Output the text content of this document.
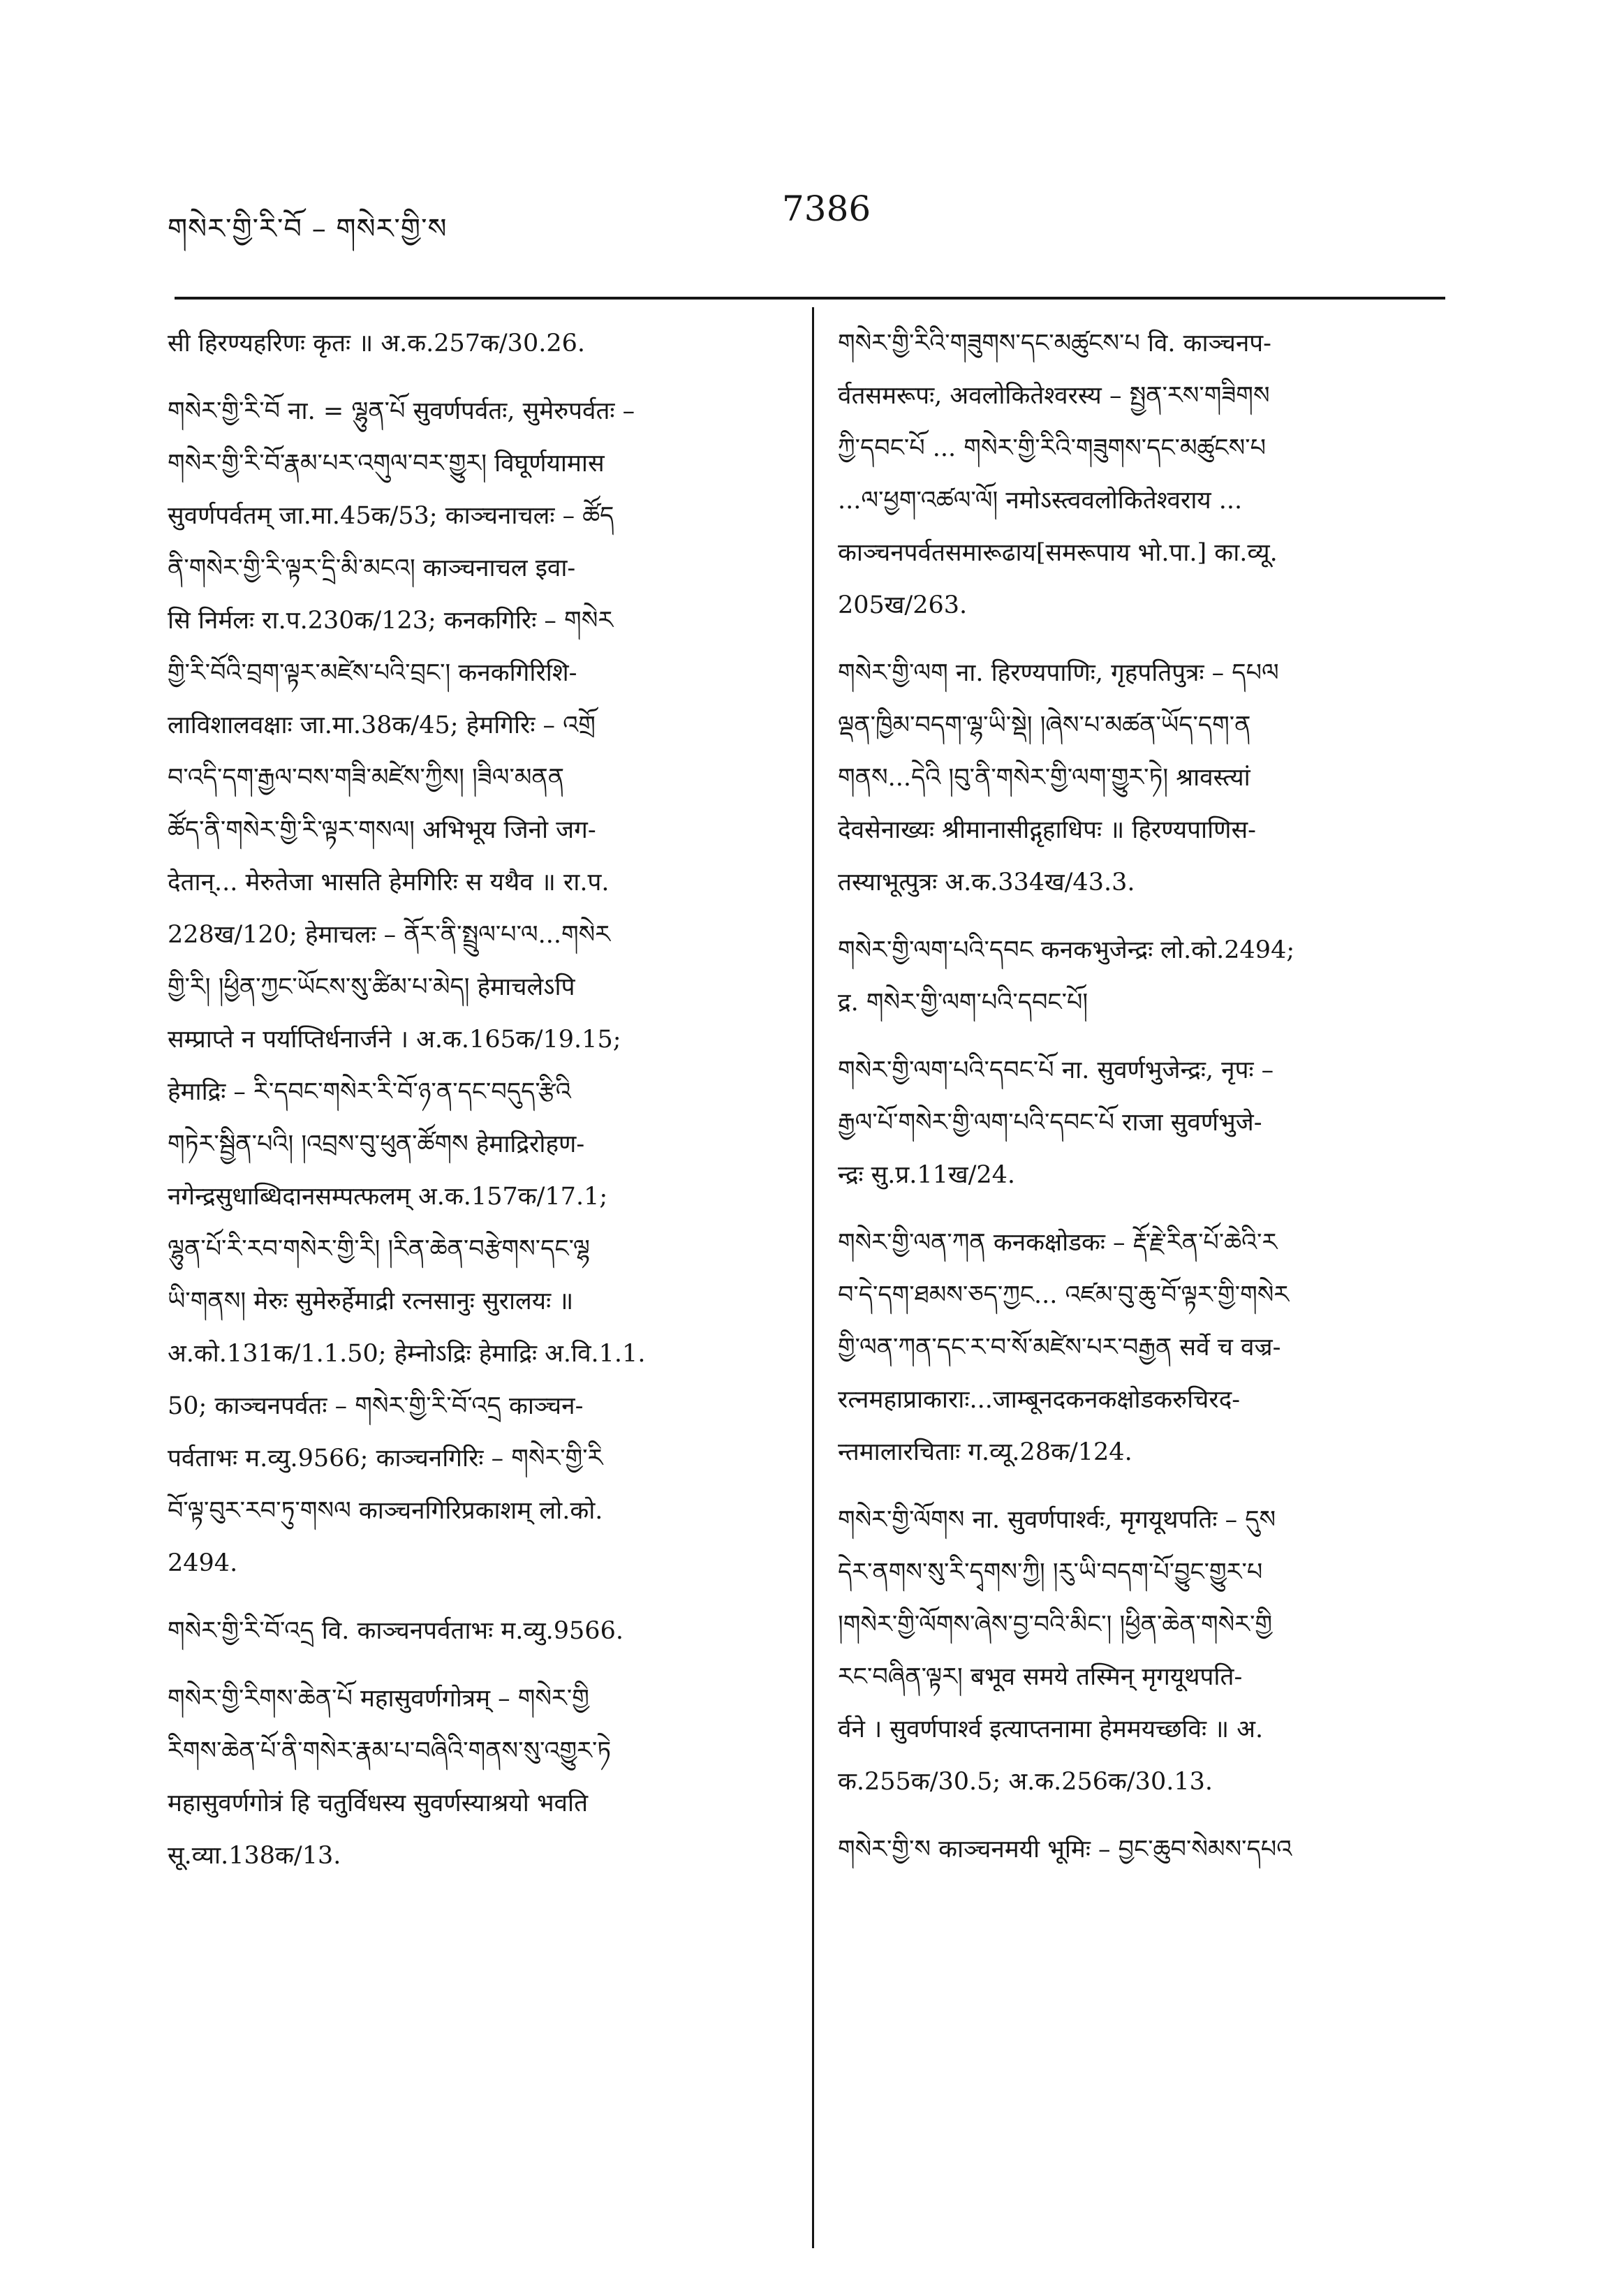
གསེར་གྱི་རི་བོ – གསེར་གྱི་ས	7386
सी हिरण्यहरिणः कृतः ॥ अ.क.257क/30.26.
གསེར་གྱི་རི་བོ ना. = ལྷུན་པོ सुवर्णपर्वतः, सुमेरुपर्वतः –
གསེར་གྱི་རི་བོ་རྣམ་པར་འགུལ་བར་གྱུར། विघूर्णयामास
सुवर्णपर्वतम् जा.मा.45क/53; काञ्चनाचलः – ཚོད
ནི་གསེར་གྱི་རི་ལྟར་དྲི་མི་མངའ། काञ्चनाचल इवा-
सि निर्मलः रा.प.230क/123; कनकगिरिः – གསེར
གྱི་རི་བོའི་བྲག་ལྟར་མཛེས་པའི་བྲང་། कनकगिरिशि-
लाविशालवक्षाः जा.मा.38क/45; हेमगिरिः – འགྲོ
བ་འདི་དག་རྒྱལ་བས་གཟི་མཛེས་ཀྱིས། །ཟིལ་མནན
ཚོད་ནི་གསེར་གྱི་རི་ལྟར་གསལ། अभिभूय जिनो जग-
देतान्... मेरुतेजा भासति हेमगिरिः स यथैव ॥ रा.प.
228ख/120; हेमाचलः – ནོར་ནི་སྤྲུལ་པ་ལ...གསེར
གྱི་རི། །ཕྱིན་ཀྱང་ཡོངས་སུ་ཚིམ་པ་མེད། हेमाचलेऽपि
सम्प्राप्ते न पर्याप्तिर्धनार्जने । अ.क.165क/19.15;
हेमाद्रिः – རི་དབང་གསེར་རི་བོ་ཉ་ན་དང་བདུད་རྩིའི
གཏེར་སྦྱིན་པའི། །འབྲས་བུ་ཕུན་ཚོགས हेमाद्रिरोहण-
नगेन्द्रसुधाब्धिदानसम्पत्फलम् अ.क.157क/17.1;
ལྷུན་པོ་རི་རབ་གསེར་གྱི་རི། །རིན་ཆེན་བརྩེགས་དང་ལྷ
ཡི་གནས། मेरुः सुमेरुर्हेमाद्री रत्नसानुः सुरालयः ॥
अ.को.131क/1.1.50; हेम्नोऽद्रिः हेमाद्रिः अ.वि.1.1.
50; काञ्चनपर्वतः – གསེར་གྱི་རི་བོ་འདྲ काञ्चन-
पर्वताभः म.व्यु.9566; काञ्चनगिरिः – གསེར་གྱི་རི
བོ་ལྟ་བུར་རབ་ཏུ་གསལ काञ्चनगिरिप्रकाशम् लो.को.
2494.
གསེར་གྱི་རི་བོ་འདྲ वि. काञ्चनपर्वताभः म.व्यु.9566.
གསེར་གྱི་རིགས་ཆེན་པོ महासुवर्णगोत्रम् – གསེར་གྱི
རིགས་ཆེན་པོ་ནི་གསེར་རྣམ་པ་བཞིའི་གནས་སུ་འགྱུར་ཏེ
महासुवर्णगोत्रं हि चतुर्विधस्य सुवर्णस्याश्रयो भवति
सू.व्या.138क/13.
གསེར་གྱི་རིའི་གཟུགས་དང་མཚུངས་པ वि. काञ्चनप-
र्वतसमरूपः, अवलोकितेश्वरस्य – སྤྱན་རས་གཟིགས
ཀྱི་དབང་པོ ... གསེར་གྱི་རིའི་གཟུགས་དང་མཚུངས་པ
...ལ་ཕྱག་འཚལ་ལོ། नमोऽस्त्ववलोकितेश्वराय ...
काञ्चनपर्वतसमारूढाय[समरूपाय भो.पा.] का.व्यू.
205ख/263.
གསེར་གྱི་ལག ना. हिरण्यपाणिः, गृहपतिपुत्रः – དཔལ
ལྡན་ཁྱིམ་བདག་ལྷ་ཡི་སྡེ། །ཞེས་པ་མཚན་ཡོད་དག་ན
གནས...དེའི །བུ་ནི་གསེར་གྱི་ལག་གྱུར་ཏེ། श्रावस्त्यां
देवसेनाख्यः श्रीमानासीद्गृहाधिपः ॥ हिरण्यपाणिस-
तस्याभूत्पुत्रः अ.क.334ख/43.3.
གསེར་གྱི་ལག་པའི་དབང कनकभुजेन्द्रः लो.को.2494;
द्र. གསེར་གྱི་ལག་པའི་དབང་པོ།
གསེར་གྱི་ལག་པའི་དབང་པོ ना. सुवर्णभुजेन्द्रः, नृपः –
རྒྱལ་པོ་གསེར་གྱི་ལག་པའི་དབང་པོ राजा सुवर्णभुजे-
न्द्रः सु.प्र.11ख/24.
གསེར་གྱི་ལན་ཀན कनकक्षोडकः – རྡོ་རྗེ་རིན་པོ་ཆེའི་ར
བ་དེ་དག་ཐམས་ཅད་ཀྱང... འཛམ་བུ་ཆུ་བོ་ལྟར་གྱི་གསེར
གྱི་ལན་ཀན་དང་ར་བ་སོ་མཛེས་པར་བརྒྱན सर्वे च वज्र-
रत्नमहाप्राकाराः...जाम्बूनदकनकक्षोडकरुचिरद-
न्तमालारचिताः ग.व्यू.28क/124.
གསེར་གྱི་ལོགས ना. सुवर्णपार्श्वः, मृगयूथपतिः – དུས
དེར་ནགས་སུ་རི་དྭགས་ཀྱི། །རུ་ཡི་བདག་པོ་བྱུང་གྱུར་པ
།གསེར་གྱི་ལོགས་ཞེས་བྱ་བའི་མིང་། །ཕྱིན་ཆེན་གསེར་གྱི
རང་བཞིན་ལྟར། बभूव समये तस्मिन् मृगयूथपति-
र्वने । सुवर्णपार्श्व इत्याप्तनामा हेममयच्छविः ॥ अ.
क.255क/30.5; अ.क.256क/30.13.
གསེར་གྱི་ས काञ्चनमयी भूमिः – བྱང་ཆུབ་སེམས་དཔའ
